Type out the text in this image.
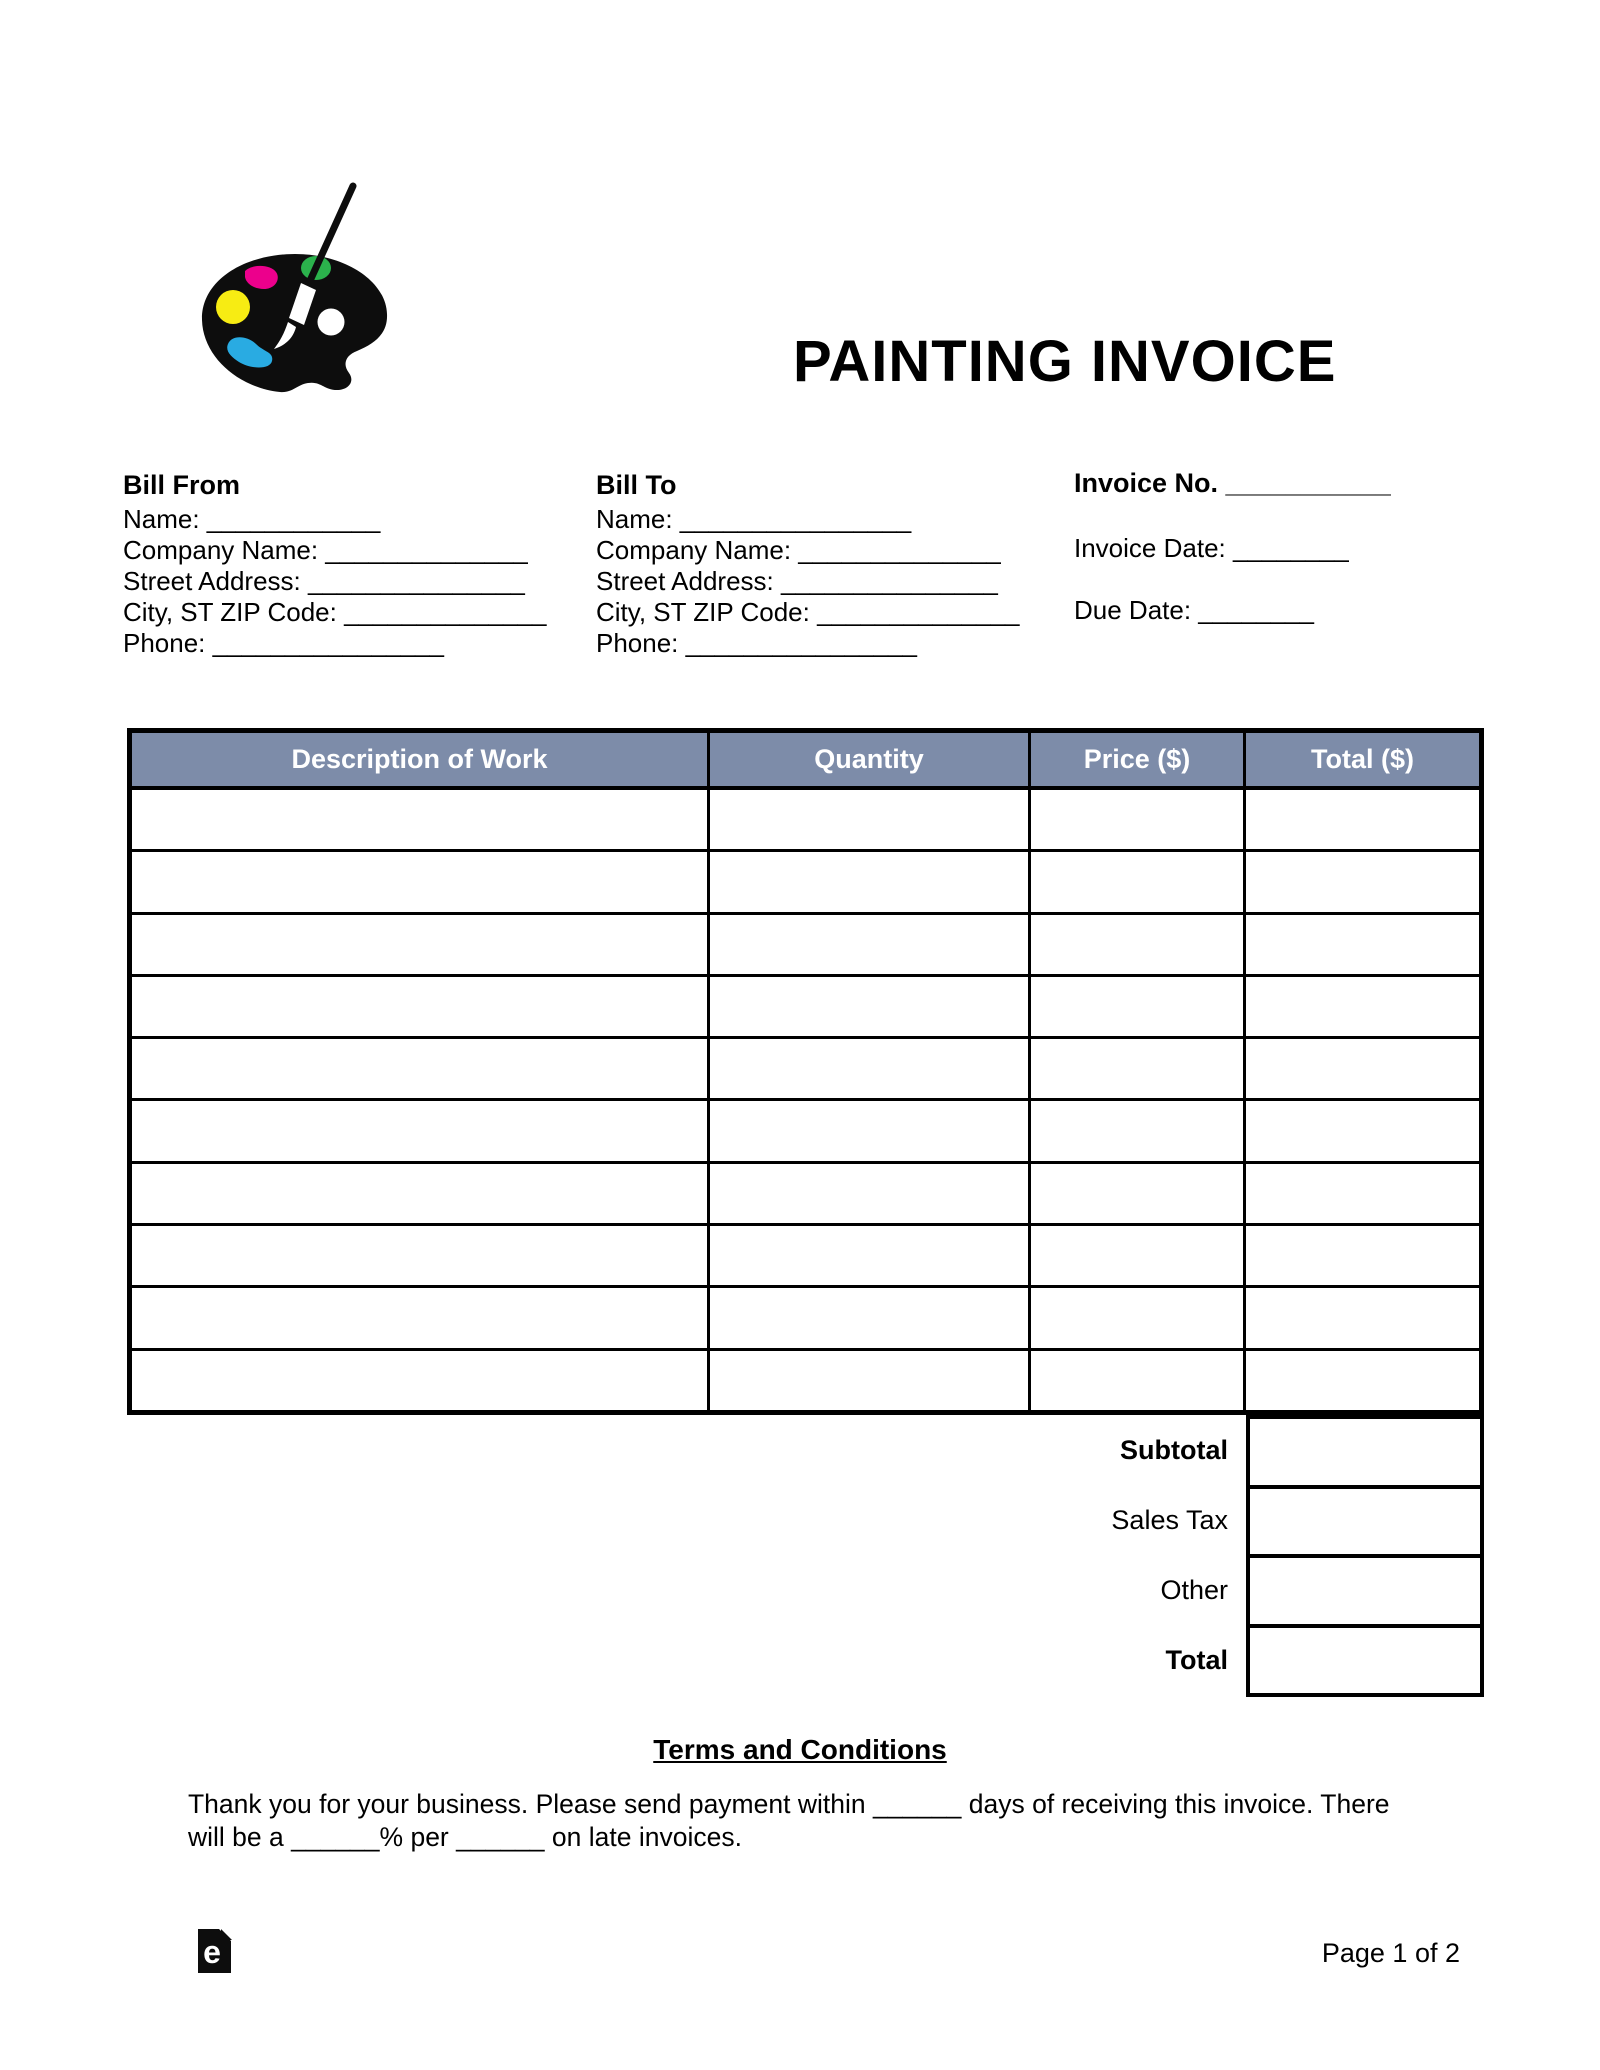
PAINTING INVOICE
Bill From
Name: ____________
Company Name: ______________
Street Address: _______________
City, ST ZIP Code: ______________
Phone: ________________
Bill To
Name: ________________
Company Name: ______________
Street Address: _______________
City, ST ZIP Code: ______________
Phone: ________________
Invoice No. ___________
Invoice Date: ________
Due Date: ________
Description of Work	Quantity	Price ($)	Total ($)
Subtotal
Sales Tax
Other
Total
Terms and Conditions
Thank you for your business. Please send payment within ______ days of receiving this invoice. There
will be a ______% per ______ on late invoices.
e	Page 1 of 2
